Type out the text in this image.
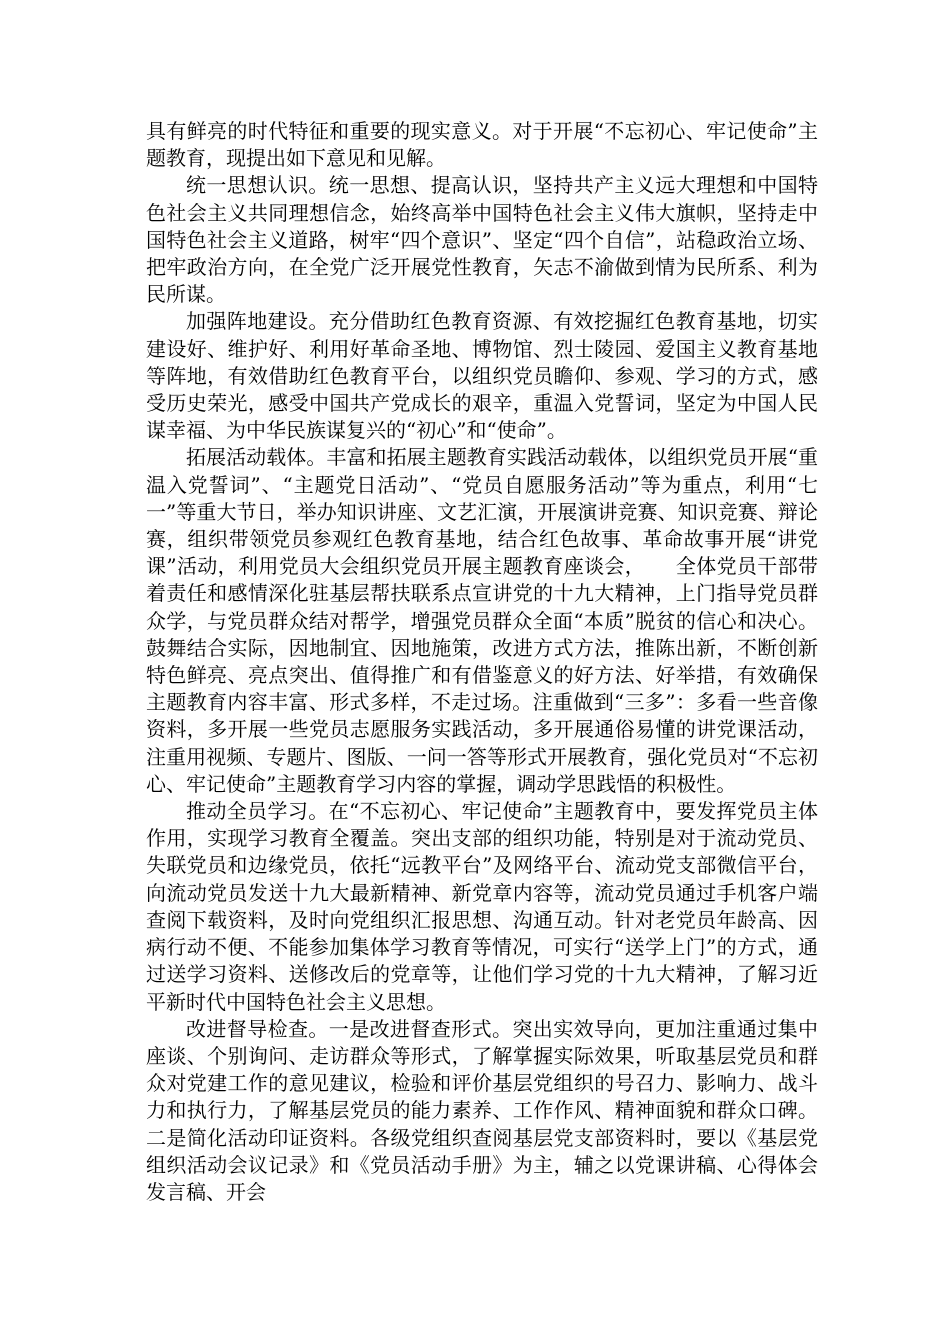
具有鲜亮的时代特征和重要的现实意义。对于开展“不忘初心、牢记使命”主题教育，现提出如下意见和见解。

统一思想认识。统一思想、提高认识，坚持共产主义远大理想和中国特色社会主义共同理想信念，始终高举中国特色社会主义伟大旗帜，坚持走中国特色社会主义道路，树牢“四个意识”、坚定“四个自信”，站稳政治立场、把牢政治方向，在全党广泛开展党性教育，矢志不渝做到情为民所系、利为民所谋。

加强阵地建设。充分借助红色教育资源、有效挖掘红色教育基地，切实建设好、维护好、利用好革命圣地、博物馆、烈士陵园、爱国主义教育基地等阵地，有效借助红色教育平台，以组织党员瞻仰、参观、学习的方式，感受历史荣光，感受中国共产党成长的艰辛，重温入党誓词，坚定为中国人民谋幸福、为中华民族谋复兴的“初心”和“使命”。

拓展活动载体。丰富和拓展主题教育实践活动载体，以组织党员开展“重温入党誓词”、“主题党日活动”、“党员自愿服务活动”等为重点，利用“七一”等重大节日，举办知识讲座、文艺汇演，开展演讲竞赛、知识竞赛、辩论赛，组织带领党员参观红色教育基地，结合红色故事、革命故事开展“讲党课”活动，利用党员大会组织党员开展主题教育座谈会，　　全体党员干部带着责任和感情深化驻基层帮扶联系点宣讲党的十九大精神，上门指导党员群众学，与党员群众结对帮学，增强党员群众全面“本质”脱贫的信心和决心。鼓舞结合实际，因地制宜、因地施策，改进方式方法，推陈出新，不断创新特色鲜亮、亮点突出、值得推广和有借鉴意义的好方法、好举措，有效确保主题教育内容丰富、形式多样，不走过场。注重做到“三多”：多看一些音像资料，多开展一些党员志愿服务实践活动，多开展通俗易懂的讲党课活动，注重用视频、专题片、图版、一问一答等形式开展教育，强化党员对“不忘初心、牢记使命”主题教育学习内容的掌握，调动学思践悟的积极性。

推动全员学习。在“不忘初心、牢记使命”主题教育中，要发挥党员主体作用，实现学习教育全覆盖。突出支部的组织功能，特别是对于流动党员、失联党员和边缘党员，依托“远教平台”及网络平台、流动党支部微信平台，向流动党员发送十九大最新精神、新党章内容等，流动党员通过手机客户端查阅下载资料，及时向党组织汇报思想、沟通互动。针对老党员年龄高、因病行动不便、不能参加集体学习教育等情况，可实行“送学上门”的方式，通过送学习资料、送修改后的党章等，让他们学习党的十九大精神，了解习近平新时代中国特色社会主义思想。

改进督导检查。一是改进督查形式。突出实效导向，更加注重通过集中座谈、个别询问、走访群众等形式，了解掌握实际效果，听取基层党员和群众对党建工作的意见建议，检验和评价基层党组织的号召力、影响力、战斗力和执行力，了解基层党员的能力素养、工作作风、精神面貌和群众口碑。二是简化活动印证资料。各级党组织查阅基层党支部资料时，要以《基层党组织活动会议记录》和《党员活动手册》为主，辅之以党课讲稿、心得体会发言稿、开会
